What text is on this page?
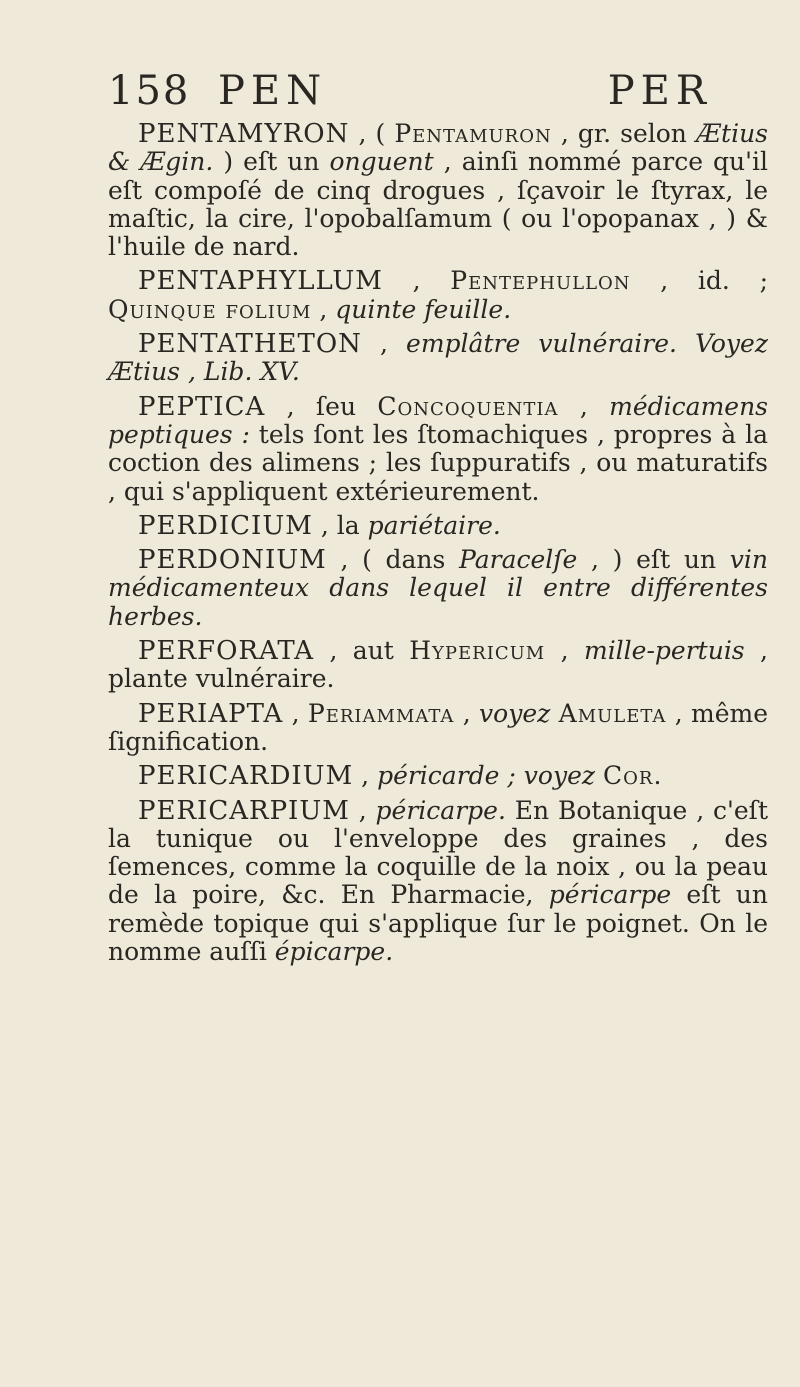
158 PEN	PER

PENTAMYRON , ( Pentamuron , gr. selon Ætius & Ægin. ) eſt un onguent , ainſi nommé parce qu'il eſt compoſé de cinq drogues , ſçavoir le ſtyrax, le maſtic, la cire, l'opobalſamum ( ou l'opopanax , ) & l'huile de nard.

PENTAPHYLLUM , Pentephullon , id. ; Quinque folium , quinte feuille.

PENTATHETON , emplâtre vulnéraire. Voyez Ætius , Lib. XV.

PEPTICA , ſeu Concoquentia , médicamens peptiques : tels ſont les ſtomachiques , propres à la coction des alimens ; les ſuppuratifs , ou maturatifs , qui s'appliquent extérieurement.

PERDICIUM , la pariétaire.

PERDONIUM , ( dans Paracelſe , ) eſt un vin médicamenteux dans lequel il entre différentes herbes.

PERFORATA , aut Hypericum , mille-pertuis , plante vulnéraire.

PERIAPTA , Periammata , voyez Amuleta , même ſignification.

PERICARDIUM , péricarde ; voyez Cor.

PERICARPIUM , péricarpe. En Botanique , c'eſt la tunique ou l'enveloppe des graines , des ſemences, comme la coquille de la noix , ou la peau de la poire, &c. En Pharmacie, péricarpe eſt un remède topique qui s'applique ſur le poignet. On le nomme auſſi épicarpe.
